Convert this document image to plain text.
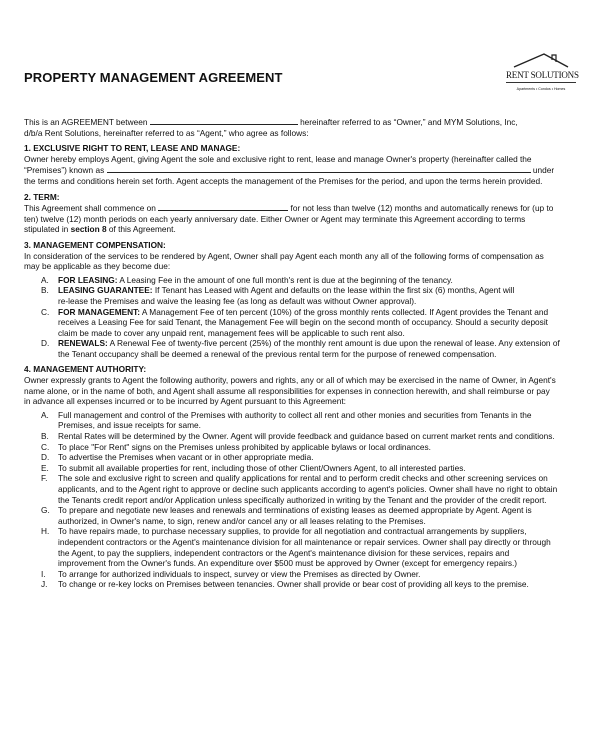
RENT SOLUTIONS
Apartments • Condos • Homes
PROPERTY MANAGEMENT AGREEMENT

This is an AGREEMENT between	hereinafter referred to as “Owner,” and MYM Solutions, Inc,

d/b/a Rent Solutions, hereinafter referred to as “Agent,” who agree as follows:

1. EXCLUSIVE RIGHT TO RENT, LEASE AND MANAGE:

Owner hereby employs Agent, giving Agent the sole and exclusive right to rent, lease and manage Owner's property (hereinafter called the

“Premises”) known as	under

the terms and conditions herein set forth. Agent accepts the management of the Premises for the period, and upon the terms herein provided.

2. TERM:

This Agreement shall commence on	for not less than twelve (12) months and automatically renews for (up to

ten) twelve (12) month periods on each yearly anniversary date. Either Owner or Agent may terminate this Agreement according to terms

stipulated in section 8 of this Agreement.

3. MANAGEMENT COMPENSATION:

In consideration of the services to be rendered by Agent, Owner shall pay Agent each month any all of the following forms of compensation as

may be applicable as they become due:

A.	FOR LEASING: A Leasing Fee in the amount of one full month's rent is due at the beginning of the tenancy.
B.	LEASING GUARANTEE: If Tenant has Leased with Agent and defaults on the lease within the first six (6) months, Agent will
re-lease the Premises and waive the leasing fee (as long as default was without Owner approval).
C.	FOR MANAGEMENT: A Management Fee of ten percent (10%) of the gross monthly rents collected. If Agent provides the Tenant and
receives a Leasing Fee for said Tenant, the Management Fee will begin on the second month of occupancy. Should a security deposit
claim be made to cover any unpaid rent, management fees will be applicable to such rent also.
D.	RENEWALS: A Renewal Fee of twenty-five percent (25%) of the monthly rent amount is due upon the renewal of lease. Any extension of
the Tenant occupancy shall be deemed a renewal of the previous rental term for the purpose of renewed compensation.

4. MANAGEMENT AUTHORITY:

Owner expressly grants to Agent the following authority, powers and rights, any or all of which may be exercised in the name of Owner, in Agent's

name alone, or in the name of both, and Agent shall assume all responsibilities for expenses in connection herewith, and shall reimburse or pay

in advance all expenses incurred or to be incurred by Agent pursuant to this Agreement:

A.	Full management and control of the Premises with authority to collect all rent and other monies and securities from Tenants in the
Premises, and issue receipts for same.
B.	Rental Rates will be determined by the Owner. Agent will provide feedback and guidance based on current market rents and conditions.
C.	To place "For Rent" signs on the Premises unless prohibited by applicable bylaws or local ordinances.
D.	To advertise the Premises when vacant or in other appropriate media.
E.	To submit all available properties for rent, including those of other Client/Owners Agent, to all interested parties.
F.	The sole and exclusive right to screen and qualify applications for rental and to perform credit checks and other screening services on
applicants, and to the Agent right to approve or decline such applicants according to agent's policies. Owner shall have no right to obtain
the Tenants credit report and/or Application unless specifically authorized in writing by the Tenant and the provider of the credit report.
G. To prepare and negotiate new leases and renewals and terminations of existing leases as deemed appropriate by Agent. Agent is
authorized, in Owner's name, to sign, renew and/or cancel any or all leases relating to the Premises.
H.	To have repairs made, to purchase necessary supplies, to provide for all negotiation and contractual arrangements by suppliers,
independent contractors or the Agent's maintenance division for all maintenance or repair services. Owner shall pay directly or through
the Agent, to pay the suppliers, independent contractors or the Agent's maintenance division for these services, repairs and
improvement from the Owner's funds. An expenditure over $500 must be approved by Owner (except for emergency repairs.)
I.	To arrange for authorized individuals to inspect, survey or view the Premises as directed by Owner.
J.	To change or re-key locks on Premises between tenancies. Owner shall provide or bear cost of providing all keys to the premise.
